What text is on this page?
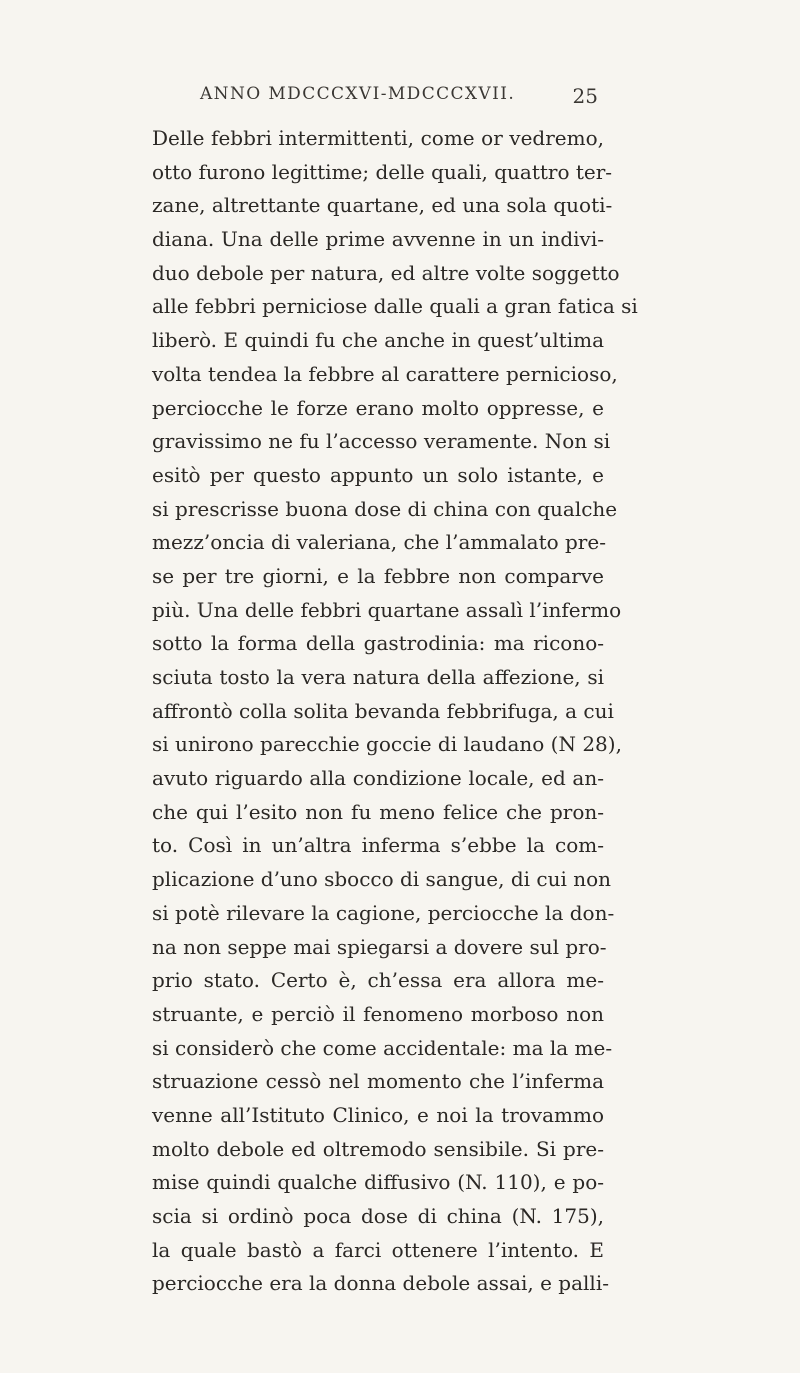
ANNO MDCCCXVI-MDCCCXVII.	25
Delle febbri intermittenti, come or vedremo,
otto furono legittime; delle quali, quattro ter-
zane, altrettante quartane, ed una sola quoti-
diana. Una delle prime avvenne in un indivi-
duo debole per natura, ed altre volte soggetto
alle febbri perniciose dalle quali a gran fatica si
liberò. E quindi fu che anche in quest’ultima
volta tendea la febbre al carattere pernicioso,
perciocche le forze erano molto oppresse, e
gravissimo ne fu l’accesso veramente. Non si
esitò per questo appunto un solo istante, e
si prescrisse buona dose di china con qualche
mezz’oncia di valeriana, che l’ammalato pre-
se per tre giorni, e la febbre non comparve
più. Una delle febbri quartane assalì l’infermo
sotto la forma della gastrodinia: ma ricono-
sciuta tosto la vera natura della affezione, si
affrontò colla solita bevanda febbrifuga, a cui
si unirono parecchie goccie di laudano (N 28),
avuto riguardo alla condizione locale, ed an-
che qui l’esito non fu meno felice che pron-
to. Così in un’altra inferma s’ebbe la com-
plicazione d’uno sbocco di sangue, di cui non
si potè rilevare la cagione, perciocche la don-
na non seppe mai spiegarsi a dovere sul pro-
prio stato. Certo è, ch’essa era allora me-
struante, e perciò il fenomeno morboso non
si considerò che come accidentale: ma la me-
struazione cessò nel momento che l’inferma
venne all’Istituto Clinico, e noi la trovammo
molto debole ed oltremodo sensibile. Si pre-
mise quindi qualche diffusivo (N. 110), e po-
scia si ordinò poca dose di china (N. 175),
la quale bastò a farci ottenere l’intento. E
perciocche era la donna debole assai, e palli-
